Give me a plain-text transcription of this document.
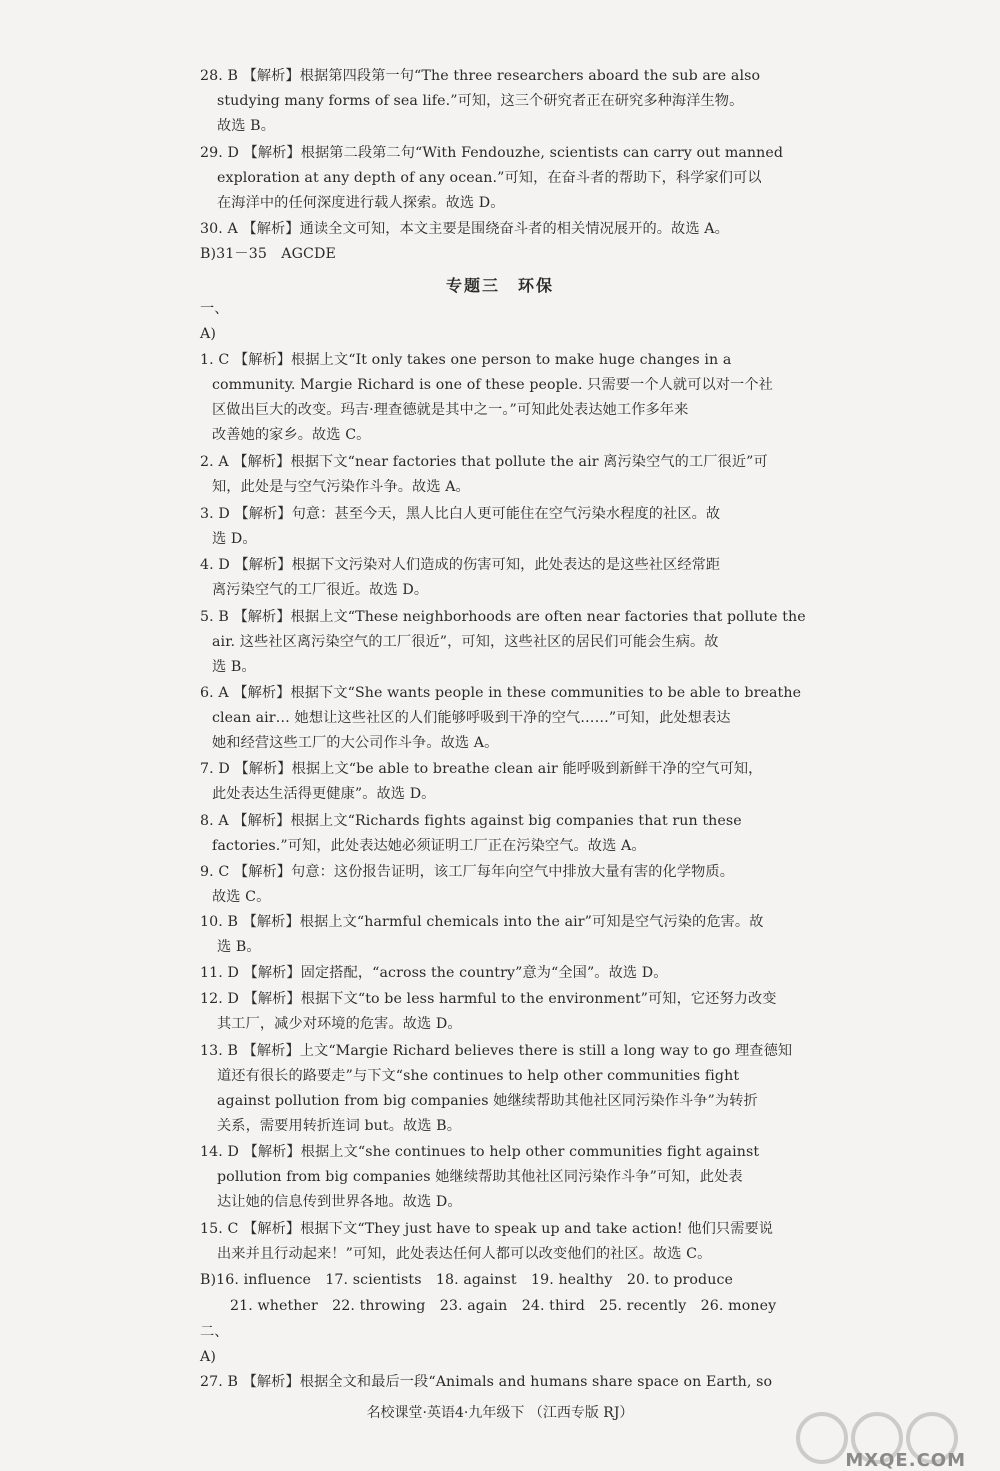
28. B 【解析】根据第四段第一句“The three researchers aboard the sub are also
studying many forms of sea life.”可知，这三个研究者正在研究多种海洋生物。
故选 B。
29. D 【解析】根据第二段第二句“With Fendouzhe, scientists can carry out manned
exploration at any depth of any ocean.”可知，在奋斗者的帮助下，科学家们可以
在海洋中的任何深度进行载人探索。故选 D。
30. A 【解析】通读全文可知，本文主要是围绕奋斗者的相关情况展开的。故选 A。
B)31－35　AGCDE
专题三　环保
一、
A)
1. C 【解析】根据上文“It only takes one person to make huge changes in a
community. Margie Richard is one of these people. 只需要一个人就可以对一个社
区做出巨大的改变。玛吉·理查德就是其中之一。”可知此处表达她工作多年来
改善她的家乡。故选 C。
2. A 【解析】根据下文“near factories that pollute the air 离污染空气的工厂很近”可
知，此处是与空气污染作斗争。故选 A。
3. D 【解析】句意：甚至今天，黑人比白人更可能住在空气污染水程度的社区。故
选 D。
4. D 【解析】根据下文污染对人们造成的伤害可知，此处表达的是这些社区经常距
离污染空气的工厂很近。故选 D。
5. B 【解析】根据上文“These neighborhoods are often near factories that pollute the
air. 这些社区离污染空气的工厂很近”，可知，这些社区的居民们可能会生病。故
选 B。
6. A 【解析】根据下文“She wants people in these communities to be able to breathe
clean air… 她想让这些社区的人们能够呼吸到干净的空气……”可知，此处想表达
她和经营这些工厂的大公司作斗争。故选 A。
7. D 【解析】根据上文“be able to breathe clean air 能呼吸到新鲜干净的空气可知，
此处表达生活得更健康”。故选 D。
8. A 【解析】根据上文“Richards fights against big companies that run these
factories.”可知，此处表达她必须证明工厂正在污染空气。故选 A。
9. C 【解析】句意：这份报告证明，该工厂每年向空气中排放大量有害的化学物质。
故选 C。
10. B 【解析】根据上文“harmful chemicals into the air”可知是空气污染的危害。故
选 B。
11. D 【解析】固定搭配，“across the country”意为“全国”。故选 D。
12. D 【解析】根据下文“to be less harmful to the environment”可知，它还努力改变
其工厂，减少对环境的危害。故选 D。
13. B 【解析】上文“Margie Richard believes there is still a long way to go 理查德知
道还有很长的路要走”与下文“she continues to help other communities fight
against pollution from big companies 她继续帮助其他社区同污染作斗争”为转折
关系，需要用转折连词 but。故选 B。
14. D 【解析】根据上文“she continues to help other communities fight against
pollution from big companies 她继续帮助其他社区同污染作斗争”可知，此处表
达让她的信息传到世界各地。故选 D。
15. C 【解析】根据下文“They just have to speak up and take action! 他们只需要说
出来并且行动起来！”可知，此处表达任何人都可以改变他们的社区。故选 C。
B)16. influence　17. scientists　18. against　19. healthy　20. to produce
21. whether　22. throwing　23. again　24. third　25. recently　26. money
二、
A)
27. B 【解析】根据全文和最后一段“Animals and humans share space on Earth, so
名校课堂·英语4·九年级下 （江西专版 RJ）
MXQE.COM
